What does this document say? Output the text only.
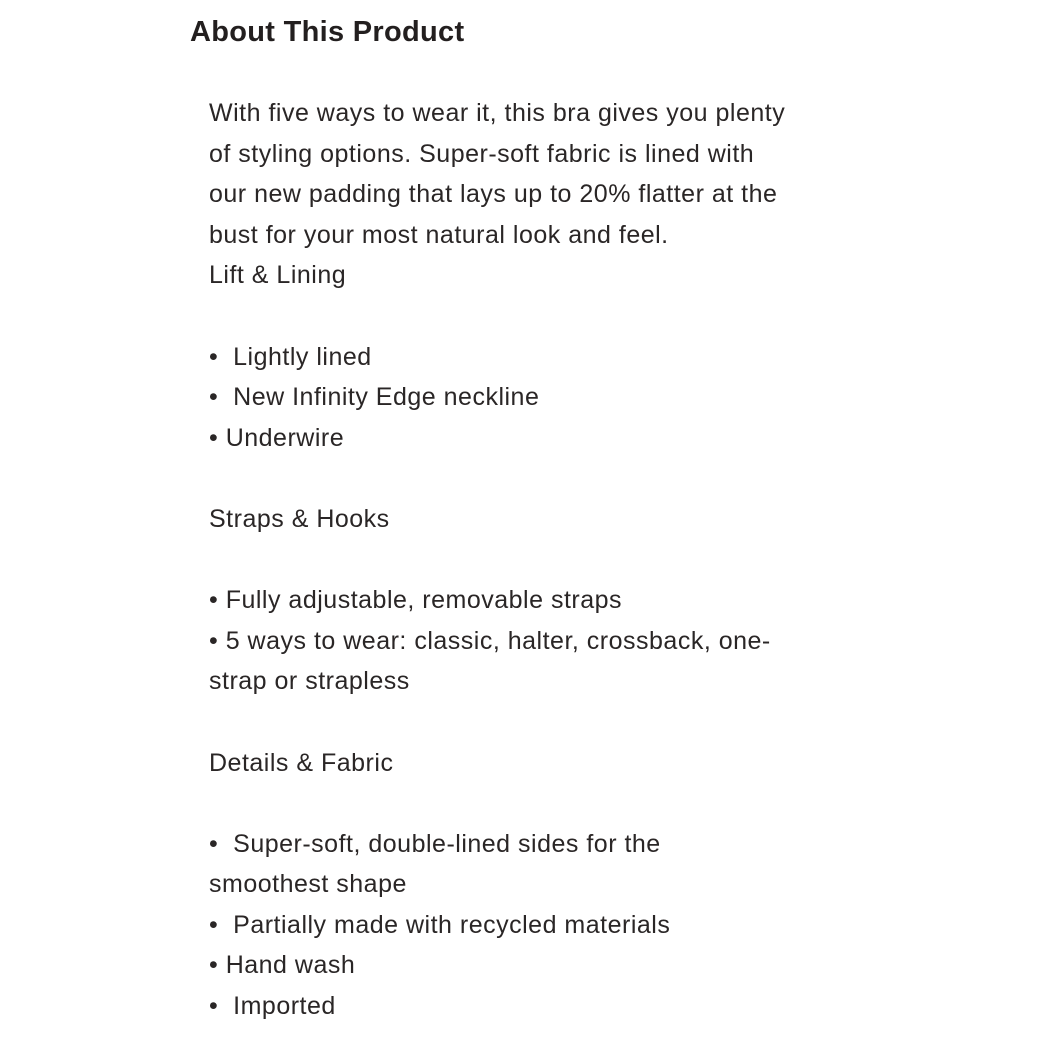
About This Product
With five ways to wear it, this bra gives you plenty
of styling options. Super-soft fabric is lined with
our new padding that lays up to 20% flatter at the
bust for your most natural look and feel.
Lift & Lining
•  Lightly lined
•  New Infinity Edge neckline
• Underwire
Straps & Hooks
• Fully adjustable, removable straps
• 5 ways to wear: classic, halter, crossback, one-
strap or strapless
Details & Fabric
•  Super-soft, double-lined sides for the
smoothest shape
•  Partially made with recycled materials
• Hand wash
•  Imported
